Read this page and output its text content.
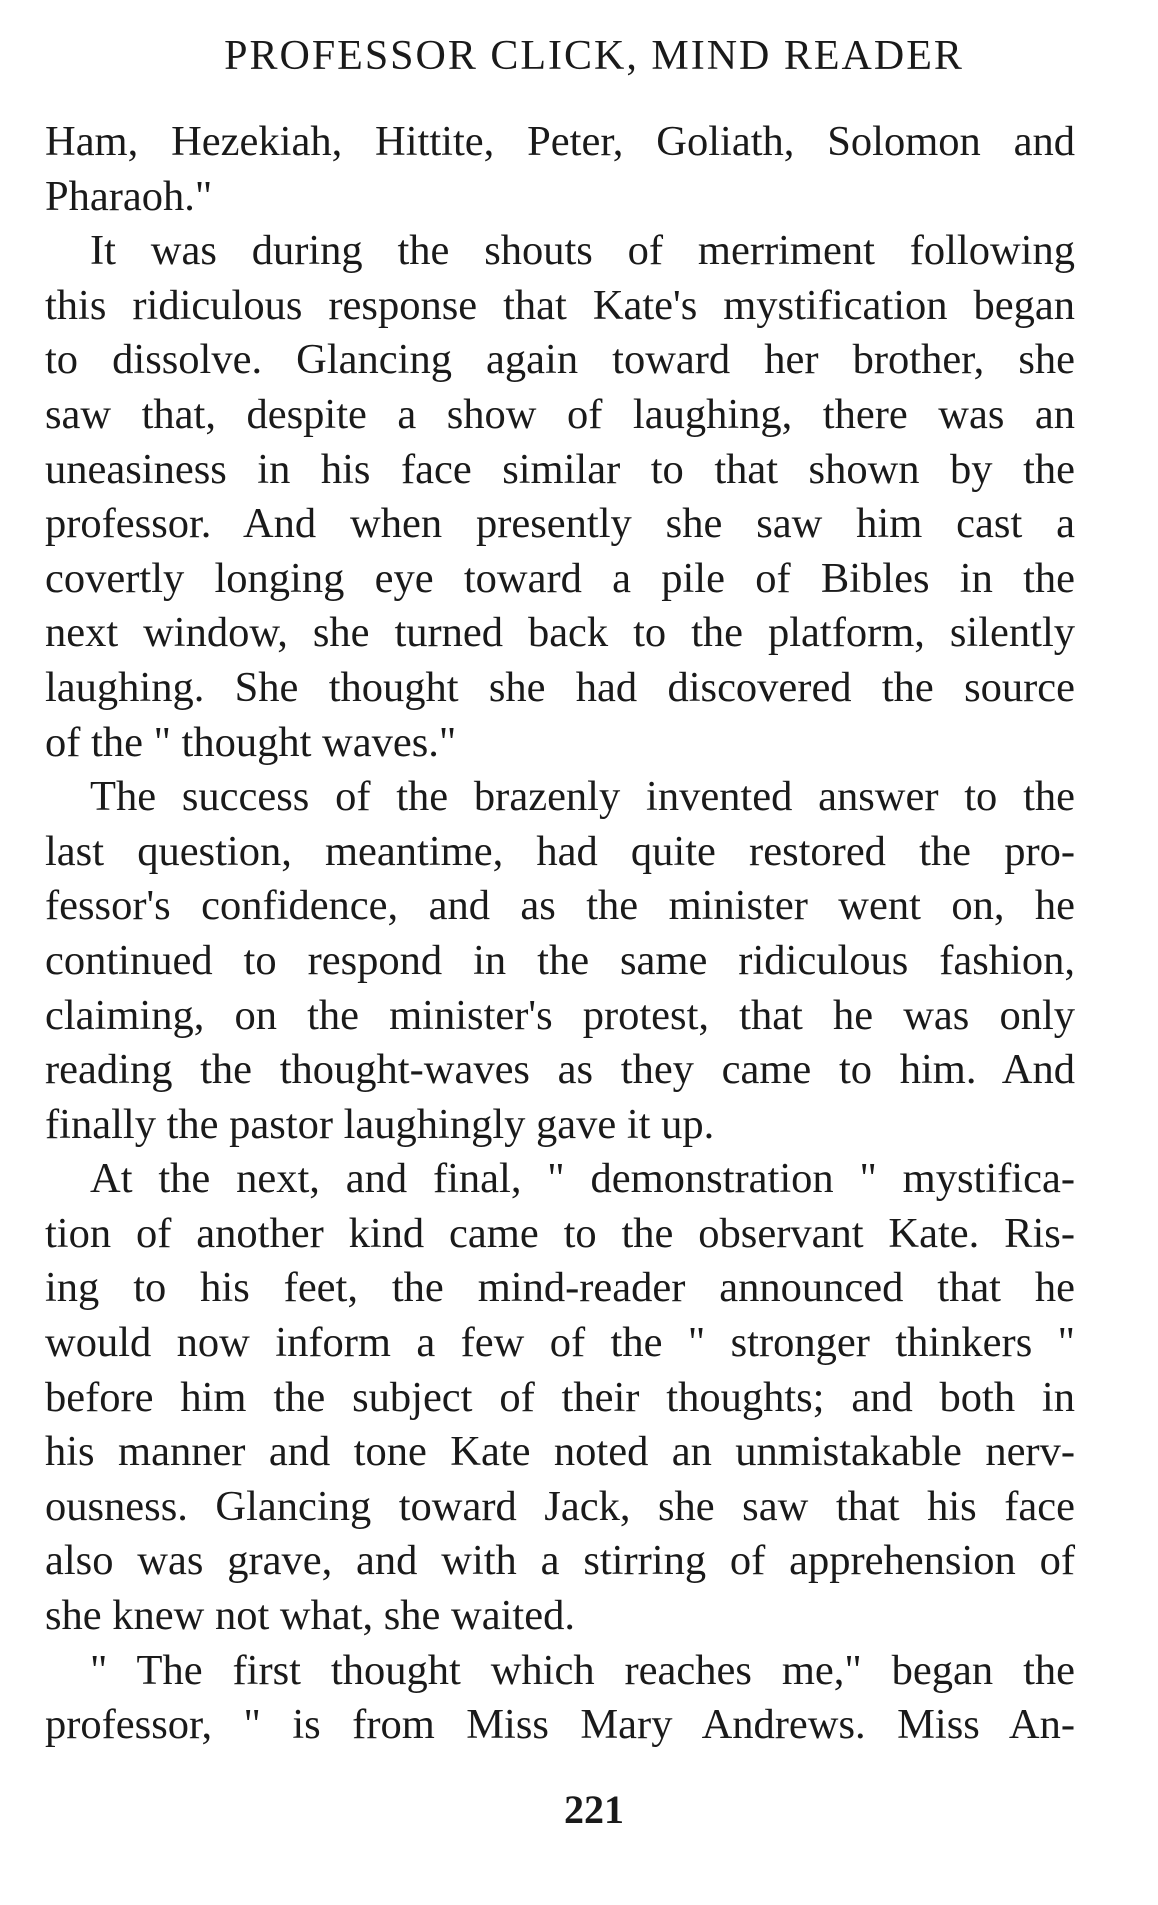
PROFESSOR CLICK, MIND READER
Ham, Hezekiah, Hittite, Peter, Goliath, Solomon and
Pharaoh."
It was during the shouts of merriment following
this ridiculous response that Kate's mystification began
to dissolve. Glancing again toward her brother, she
saw that, despite a show of laughing, there was an
uneasiness in his face similar to that shown by the
professor. And when presently she saw him cast a
covertly longing eye toward a pile of Bibles in the
next window, she turned back to the platform, silently
laughing. She thought she had discovered the source
of the " thought waves."
The success of the brazenly invented answer to the
last question, meantime, had quite restored the pro-
fessor's confidence, and as the minister went on, he
continued to respond in the same ridiculous fashion,
claiming, on the minister's protest, that he was only
reading the thought-waves as they came to him. And
finally the pastor laughingly gave it up.
At the next, and final, " demonstration " mystifica-
tion of another kind came to the observant Kate. Ris-
ing to his feet, the mind-reader announced that he
would now inform a few of the " stronger thinkers "
before him the subject of their thoughts; and both in
his manner and tone Kate noted an unmistakable nerv-
ousness. Glancing toward Jack, she saw that his face
also was grave, and with a stirring of apprehension of
she knew not what, she waited.
" The first thought which reaches me," began the
professor, " is from Miss Mary Andrews. Miss An-
221
